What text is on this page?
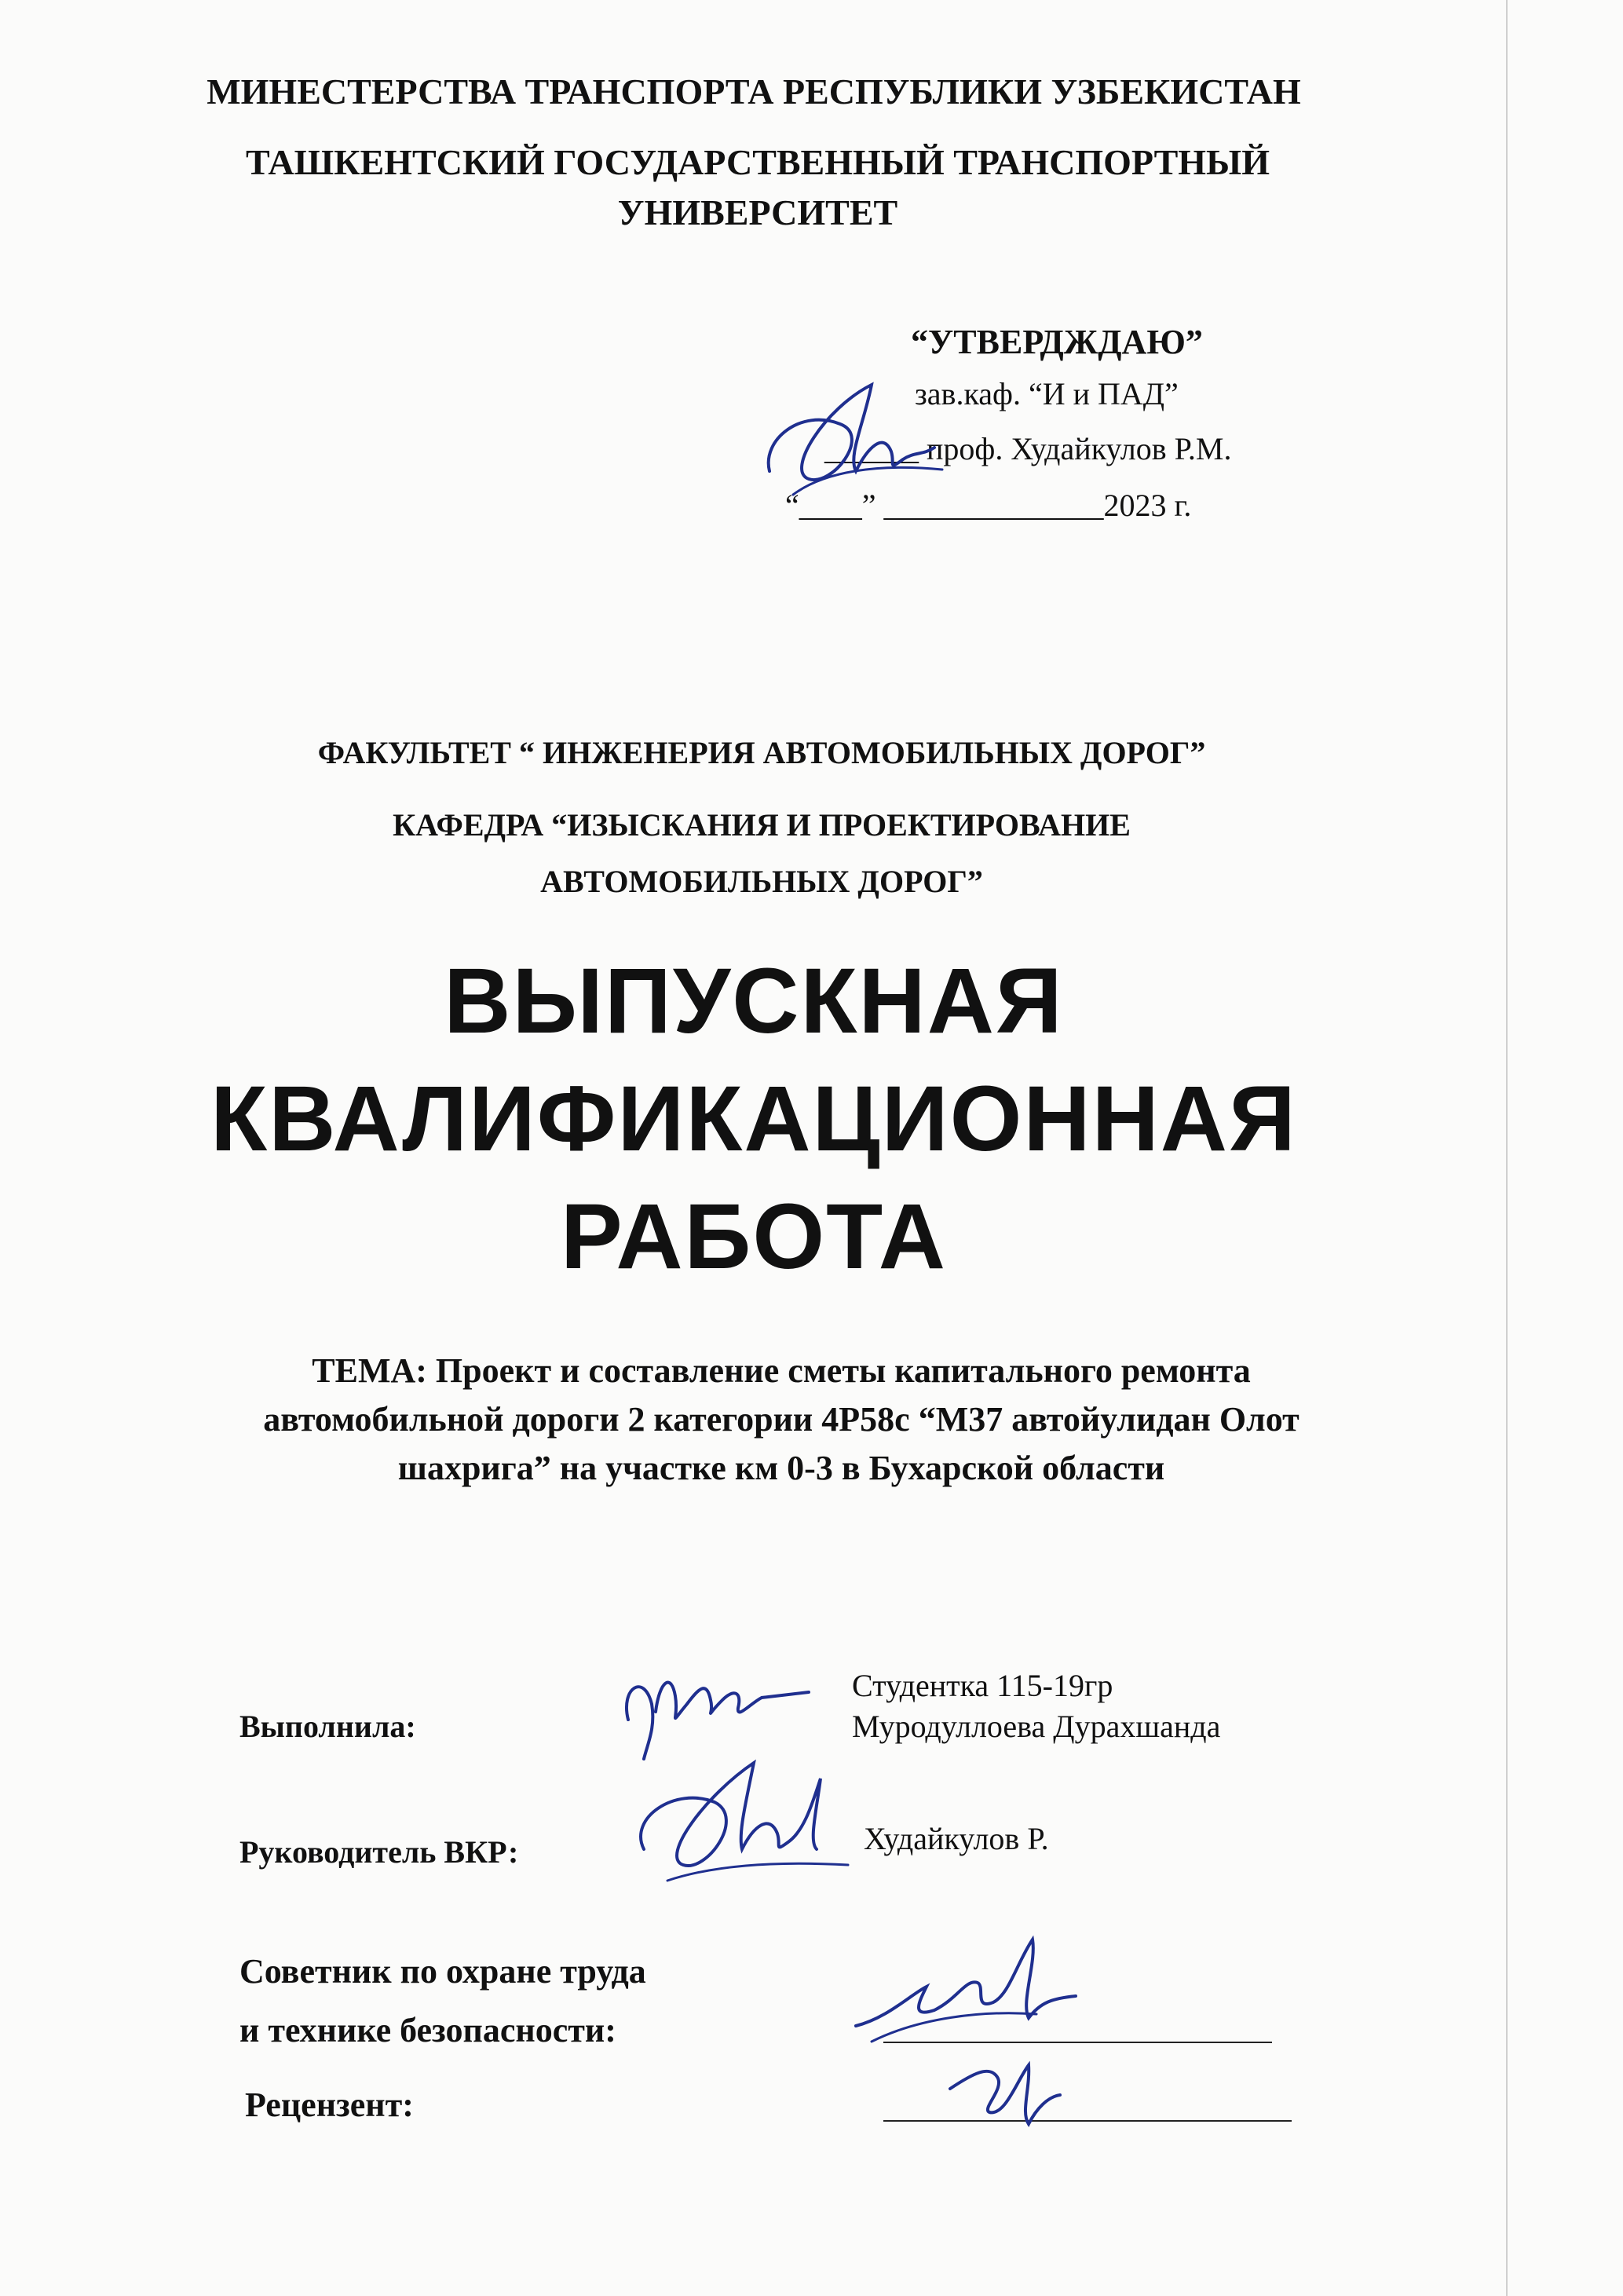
МИНЕСТЕРСТВА ТРАНСПОРТА РЕСПУБЛИКИ УЗБЕКИСТАН
ТАШКЕНТСКИЙ ГОСУДАРСТВЕННЫЙ ТРАНСПОРТНЫЙ
УНИВЕРСИТЕТ
“УТВЕРДЖДАЮ”
зав.каф. “И и ПАД”
______ проф. Худайкулов Р.М.
“____” ______________2023 г.
ФАКУЛЬТЕТ “ ИНЖЕНЕРИЯ АВТОМОБИЛЬНЫХ ДОРОГ”
КАФЕДРА “ИЗЫСКАНИЯ И ПРОЕКТИРОВАНИЕ
АВТОМОБИЛЬНЫХ ДОРОГ”
ВЫПУСКНАЯ
КВАЛИФИКАЦИОННАЯ
РАБОТА
ТЕМА: Проект и составление сметы капитального ремонта
автомобильной дороги 2 категории 4Р58с “М37 автойулидан Олот
шахрига” на участке км 0-3 в Бухарской области
Выполнила:
Студентка 115-19гр
Муродуллоева Дурахшанда
Руководитель ВКР:	Худайкулов Р.
Советник по охране труда
и технике безопасности:
Рецензент:
